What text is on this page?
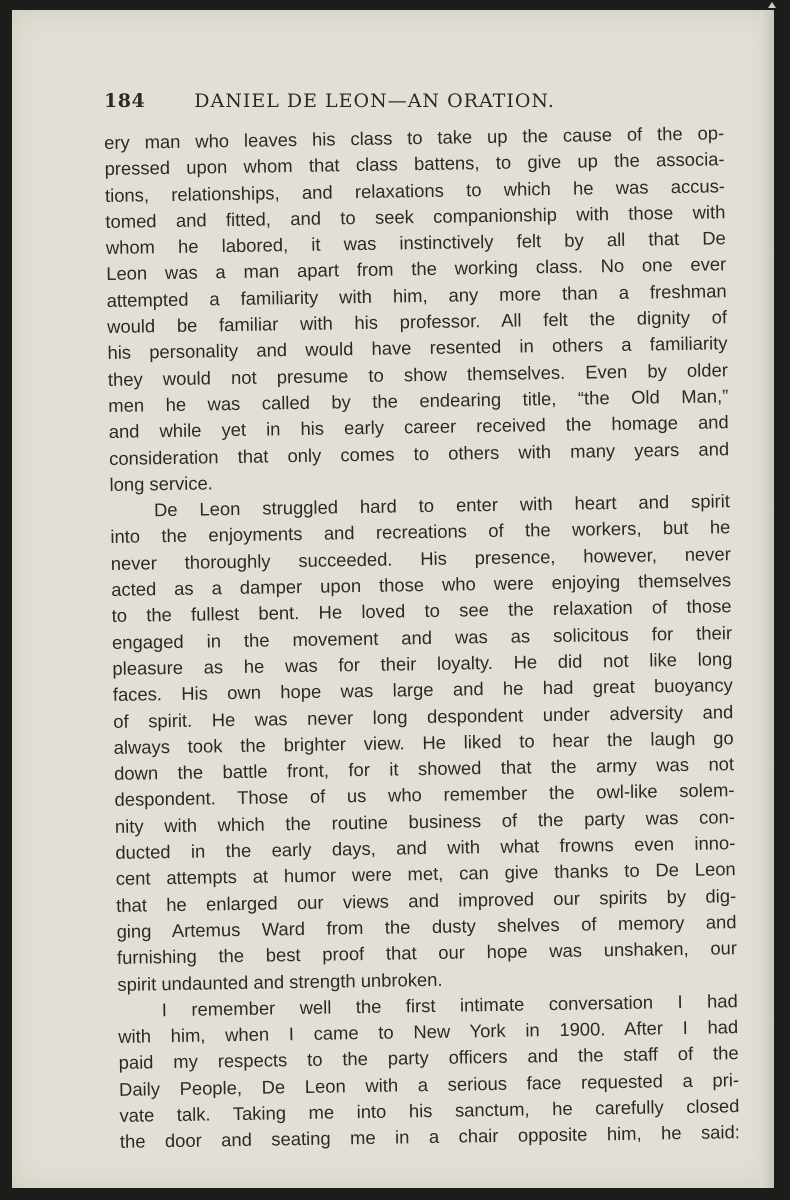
184	DANIEL DE LEON—AN ORATION.
ery man who leaves his class to take up the cause of the op-
pressed upon whom that class battens, to give up the associa-
tions, relationships, and relaxations to which he was accus-
tomed and fitted, and to seek companionship with those with
whom he labored, it was instinctively felt by all that De
Leon was a man apart from the working class. No one ever
attempted a familiarity with him, any more than a freshman
would be familiar with his professor. All felt the dignity of
his personality and would have resented in others a familiarity
they would not presume to show themselves. Even by older
men he was called by the endearing title, “the Old Man,”
and while yet in his early career received the homage and
consideration that only comes to others with many years and
long service.
De Leon struggled hard to enter with heart and spirit
into the enjoyments and recreations of the workers, but he
never thoroughly succeeded. His presence, however, never
acted as a damper upon those who were enjoying themselves
to the fullest bent. He loved to see the relaxation of those
engaged in the movement and was as solicitous for their
pleasure as he was for their loyalty. He did not like long
faces. His own hope was large and he had great buoyancy
of spirit. He was never long despondent under adversity and
always took the brighter view. He liked to hear the laugh go
down the battle front, for it showed that the army was not
despondent. Those of us who remember the owl-like solem-
nity with which the routine business of the party was con-
ducted in the early days, and with what frowns even inno-
cent attempts at humor were met, can give thanks to De Leon
that he enlarged our views and improved our spirits by dig-
ging Artemus Ward from the dusty shelves of memory and
furnishing the best proof that our hope was unshaken, our
spirit undaunted and strength unbroken.
I remember well the first intimate conversation I had
with him, when I came to New York in 1900. After I had
paid my respects to the party officers and the staff of the
Daily People, De Leon with a serious face requested a pri-
vate talk. Taking me into his sanctum, he carefully closed
the door and seating me in a chair opposite him, he said:
